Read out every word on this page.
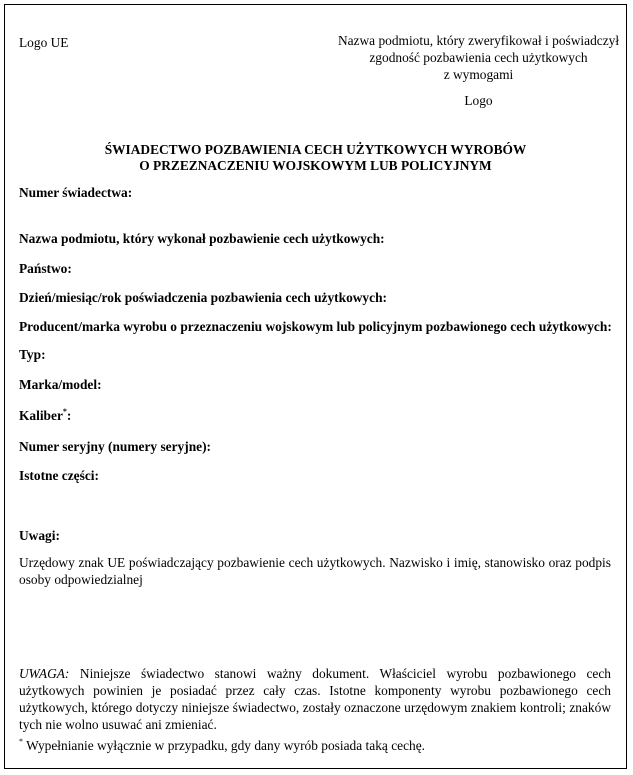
Logo UE	Nazwa podmiotu, który zweryfikował i poświadczył
zgodność pozbawienia cech użytkowych
z wymogami
Logo
ŚWIADECTWO POZBAWIENIA CECH UŻYTKOWYCH WYROBÓW
O PRZEZNACZENIU WOJSKOWYM LUB POLICYJNYM
Numer świadectwa:
Nazwa podmiotu, który wykonał pozbawienie cech użytkowych:
Państwo:
Dzień/miesiąc/rok poświadczenia pozbawienia cech użytkowych:
Producent/marka wyrobu o przeznaczeniu wojskowym lub policyjnym pozbawionego cech użytkowych:
Typ:
Marka/model:
Kaliber*:
Numer seryjny (numery seryjne):
Istotne części:
Uwagi:
Urzędowy znak UE poświadczający pozbawienie cech użytkowych. Nazwisko i imię, stanowisko oraz podpis osoby odpowiedzialnej
UWAGA: Niniejsze świadectwo stanowi ważny dokument. Właściciel wyrobu pozbawionego cech użytkowych powinien je posiadać przez cały czas. Istotne komponenty wyrobu pozbawionego cech użytkowych, którego dotyczy niniejsze świadectwo, zostały oznaczone urzędowym znakiem kontroli; znaków tych nie wolno usuwać ani zmieniać.
* Wypełnianie wyłącznie w przypadku, gdy dany wyrób posiada taką cechę.
